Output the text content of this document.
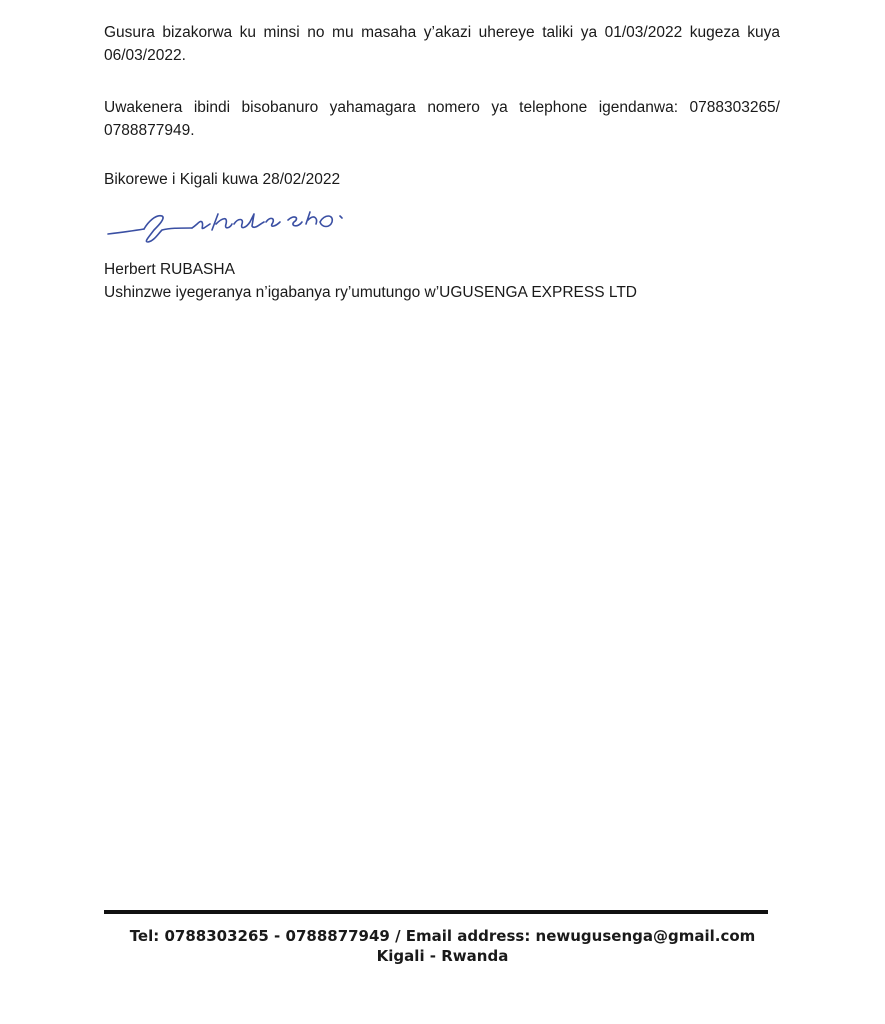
Gusura bizakorwa ku minsi no mu masaha y’akazi uhereye taliki ya 01/03/2022 kugeza kuya
06/03/2022.
Uwakenera ibindi bisobanuro yahamagara nomero ya telephone igendanwa: 0788303265/
0788877949.
Bikorewe i Kigali kuwa 28/02/2022
Herbert RUBASHA
Ushinzwe iyegeranya n’igabanya ry’umutungo w’UGUSENGA EXPRESS LTD
Tel: 0788303265 - 0788877949 / Email address: newugusenga@gmail.com
Kigali - Rwanda
